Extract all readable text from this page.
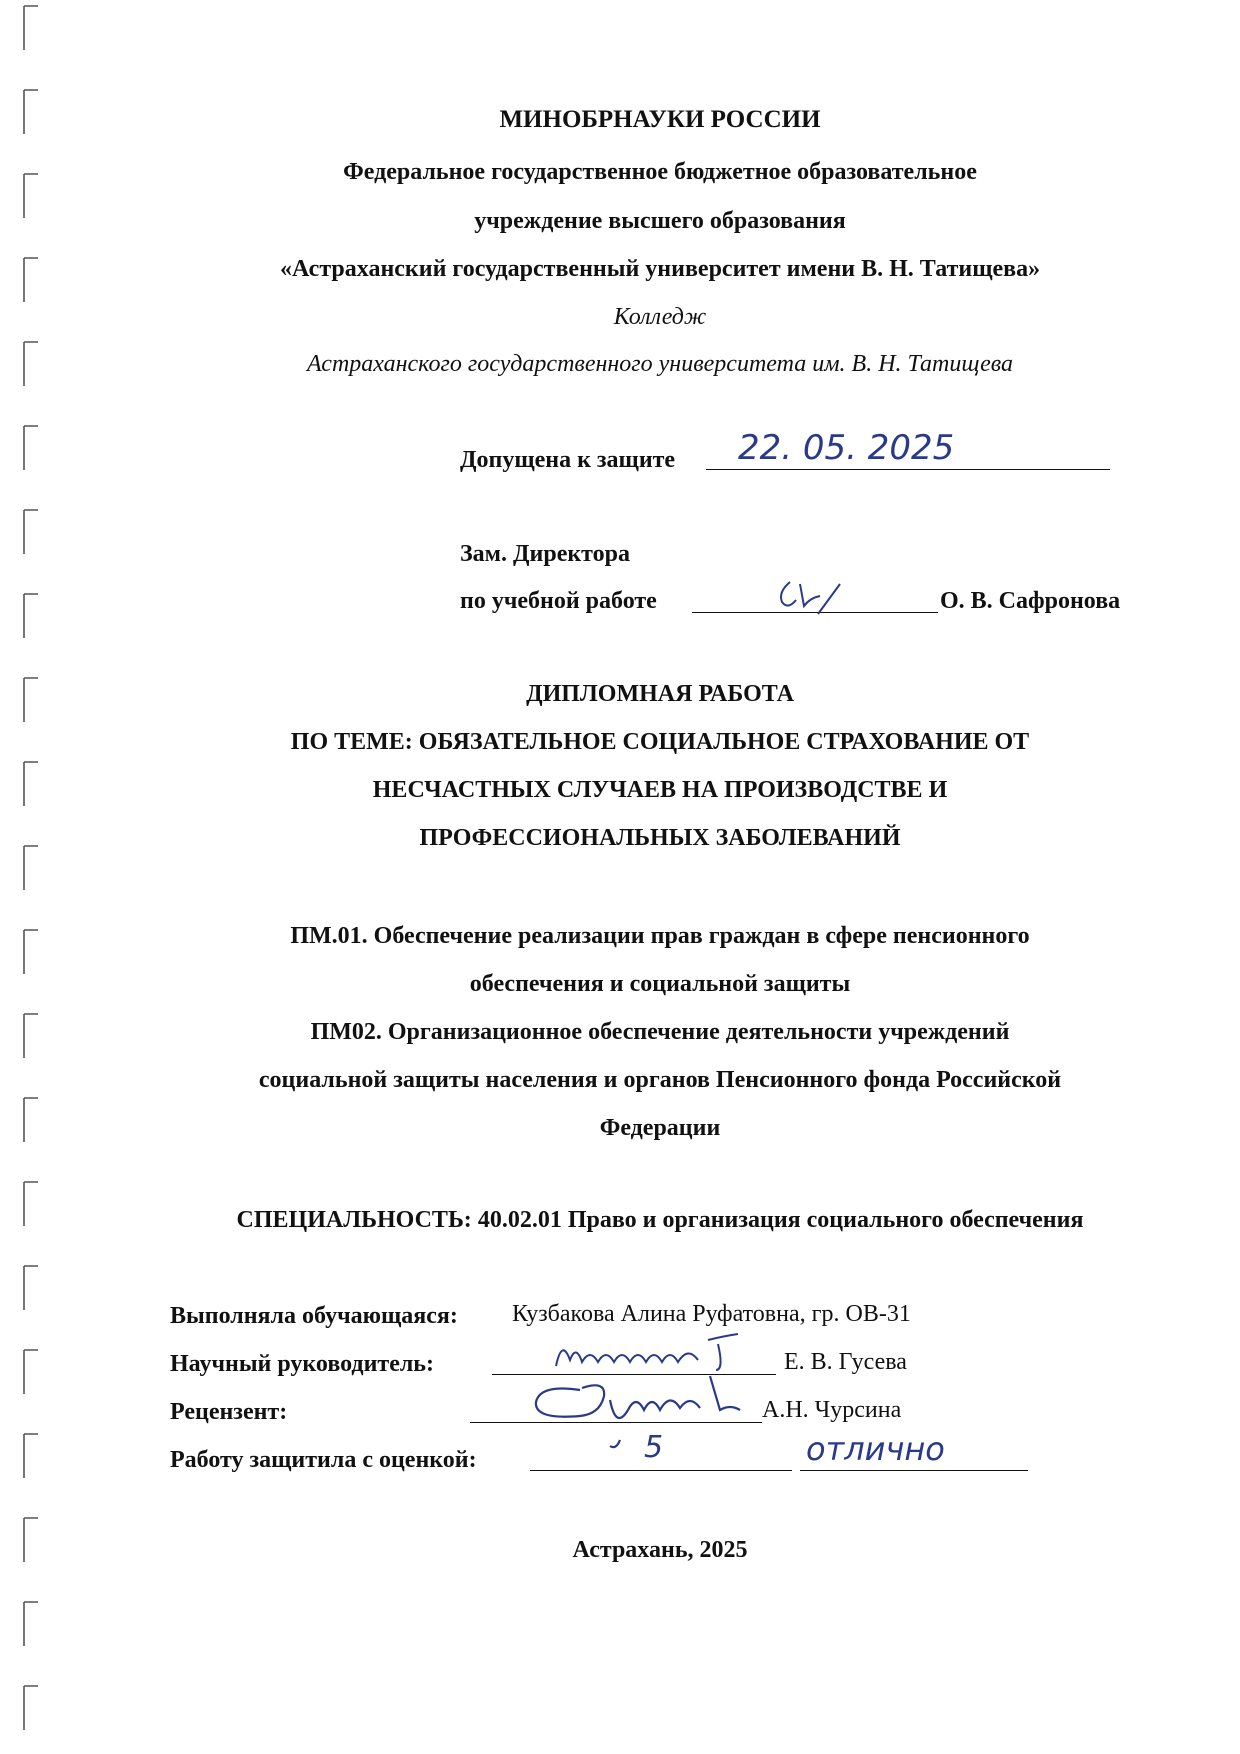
МИНОБРНАУКИ РОССИИ
Федеральное государственное бюджетное образовательное
учреждение высшего образования
«Астраханский государственный университет имени В. Н. Татищева»
Колледж
Астраханского государственного университета им. В. Н. Татищева
Допущена к защите 22. 05. 2025
Зам. Директора
по учебной работе	О. В. Сафронова
ДИПЛОМНАЯ РАБОТА
ПО ТЕМЕ: ОБЯЗАТЕЛЬНОЕ СОЦИАЛЬНОЕ СТРАХОВАНИЕ ОТ
НЕСЧАСТНЫХ СЛУЧАЕВ НА ПРОИЗВОДСТВЕ И
ПРОФЕССИОНАЛЬНЫХ ЗАБОЛЕВАНИЙ
ПМ.01. Обеспечение реализации прав граждан в сфере пенсионного
обеспечения и социальной защиты
ПМ02. Организационное обеспечение деятельности учреждений
социальной защиты населения и органов Пенсионного фонда Российской
Федерации
СПЕЦИАЛЬНОСТЬ: 40.02.01 Право и организация социального обеспечения
Выполняла обучающаяся: Кузбакова Алина Руфатовна, гр. ОВ-31
Научный руководитель:	Е. В. Гусева
Рецензент:	А.Н. Чурсина
Работу защитила с оценкой:	5	отлично
Астрахань, 2025
